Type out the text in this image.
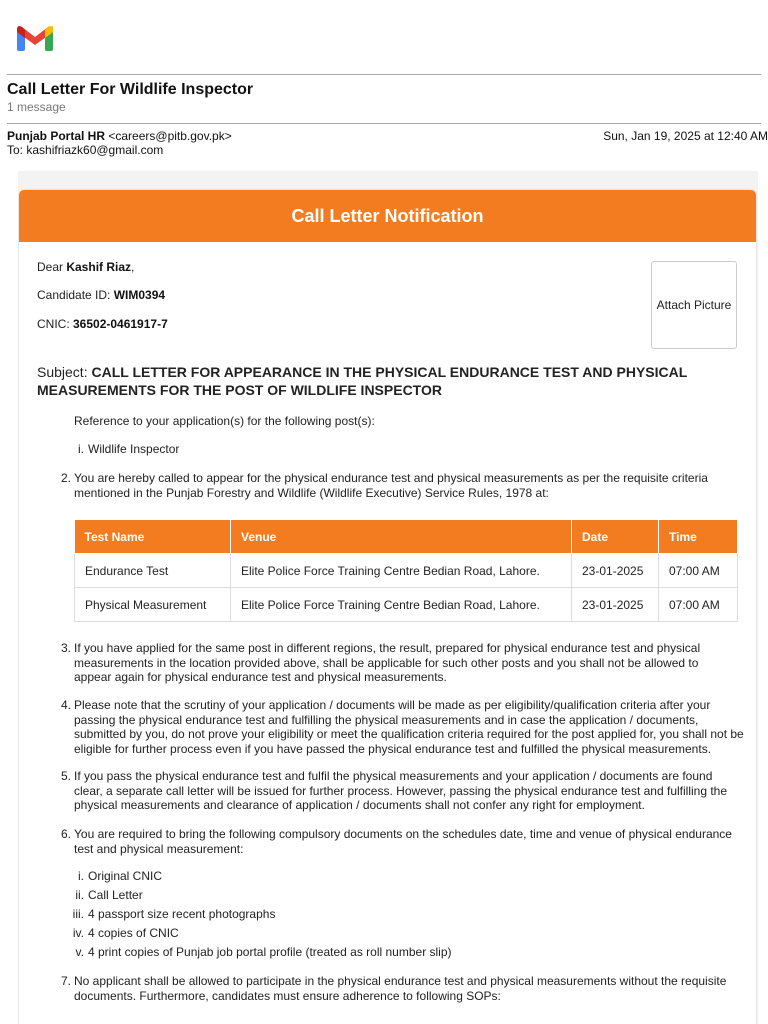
Call Letter For Wildlife Inspector
1 message
Punjab Portal HR <careers@pitb.gov.pk>
To: kashifriazk60@gmail.com
Sun, Jan 19, 2025 at 12:40 AM
Call Letter Notification
Dear Kashif Riaz,
Candidate ID: WIM0394
CNIC: 36502-0461917-7
Attach Picture
Subject: CALL LETTER FOR APPEARANCE IN THE PHYSICAL ENDURANCE TEST AND PHYSICAL MEASUREMENTS FOR THE POST OF WILDLIFE INSPECTOR
Reference to your application(s) for the following post(s):
i. Wildlife Inspector
2. You are hereby called to appear for the physical endurance test and physical measurements as per the requisite criteria mentioned in the Punjab Forestry and Wildlife (Wildlife Executive) Service Rules, 1978 at:
Test Name	Venue	Date	Time
Endurance Test	Elite Police Force Training Centre Bedian Road, Lahore.	23-01-2025	07:00 AM
Physical Measurement	Elite Police Force Training Centre Bedian Road, Lahore.	23-01-2025	07:00 AM
3. If you have applied for the same post in different regions, the result, prepared for physical endurance test and physical measurements in the location provided above, shall be applicable for such other posts and you shall not be allowed to appear again for physical endurance test and physical measurements.
4. Please note that the scrutiny of your application / documents will be made as per eligibility/qualification criteria after your passing the physical endurance test and fulfilling the physical measurements and in case the application / documents, submitted by you, do not prove your eligibility or meet the qualification criteria required for the post applied for, you shall not be eligible for further process even if you have passed the physical endurance test and fulfilled the physical measurements.
5. If you pass the physical endurance test and fulfil the physical measurements and your application / documents are found clear, a separate call letter will be issued for further process. However, passing the physical endurance test and fulfilling the physical measurements and clearance of application / documents shall not confer any right for employment.
6. You are required to bring the following compulsory documents on the schedules date, time and venue of physical endurance test and physical measurement:
i. Original CNIC
ii. Call Letter
iii. 4 passport size recent photographs
iv. 4 copies of CNIC
v. 4 print copies of Punjab job portal profile (treated as roll number slip)
7. No applicant shall be allowed to participate in the physical endurance test and physical measurements without the requisite documents. Furthermore, candidates must ensure adherence to following SOPs:
